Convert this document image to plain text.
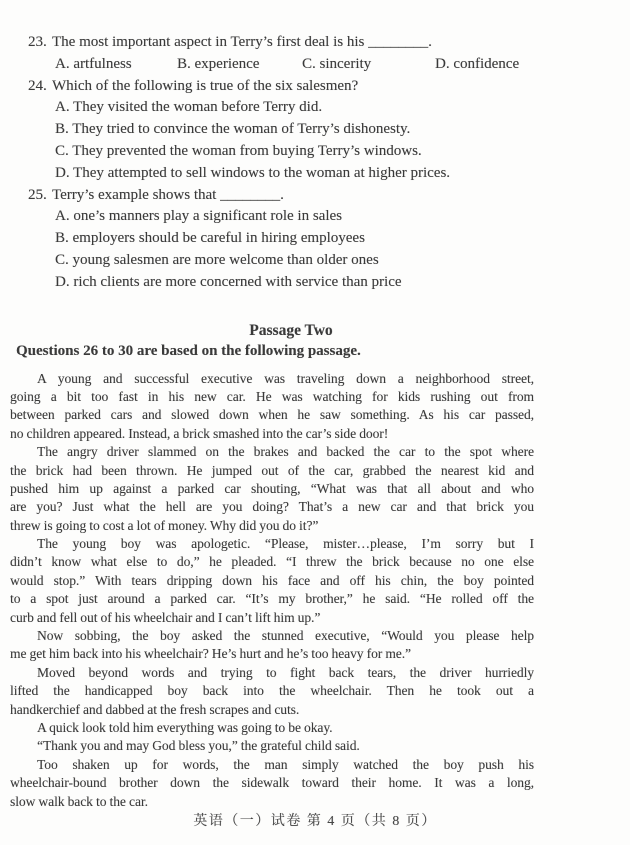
23. The most important aspect in Terry’s first deal is his ________.
A. artfulness	B. experience	C. sincerity	D. confidence
24. Which of the following is true of the six salesmen?
A. They visited the woman before Terry did.
B. They tried to convince the woman of Terry’s dishonesty.
C. They prevented the woman from buying Terry’s windows.
D. They attempted to sell windows to the woman at higher prices.
25. Terry’s example shows that ________.
A. one’s manners play a significant role in sales
B. employers should be careful in hiring employees
C. young salesmen are more welcome than older ones
D. rich clients are more concerned with service than price
Passage Two
Questions 26 to 30 are based on the following passage.
A young and successful executive was traveling down a neighborhood street,
going a bit too fast in his new car. He was watching for kids rushing out from
between parked cars and slowed down when he saw something. As his car passed,
no children appeared. Instead, a brick smashed into the car’s side door!
The angry driver slammed on the brakes and backed the car to the spot where
the brick had been thrown. He jumped out of the car, grabbed the nearest kid and
pushed him up against a parked car shouting, “What was that all about and who
are you? Just what the hell are you doing? That’s a new car and that brick you
threw is going to cost a lot of money. Why did you do it?”
The young boy was apologetic. “Please, mister…please, I’m sorry but I
didn’t know what else to do,” he pleaded. “I threw the brick because no one else
would stop.” With tears dripping down his face and off his chin, the boy pointed
to a spot just around a parked car. “It’s my brother,” he said. “He rolled off the
curb and fell out of his wheelchair and I can’t lift him up.”
Now sobbing, the boy asked the stunned executive, “Would you please help
me get him back into his wheelchair? He’s hurt and he’s too heavy for me.”
Moved beyond words and trying to fight back tears, the driver hurriedly
lifted the handicapped boy back into the wheelchair. Then he took out a
handkerchief and dabbed at the fresh scrapes and cuts.
A quick look told him everything was going to be okay.
“Thank you and may God bless you,” the grateful child said.
Too shaken up for words, the man simply watched the boy push his
wheelchair-bound brother down the sidewalk toward their home. It was a long,
slow walk back to the car.
英语（一）试卷 第 4 页（共 8 页）
